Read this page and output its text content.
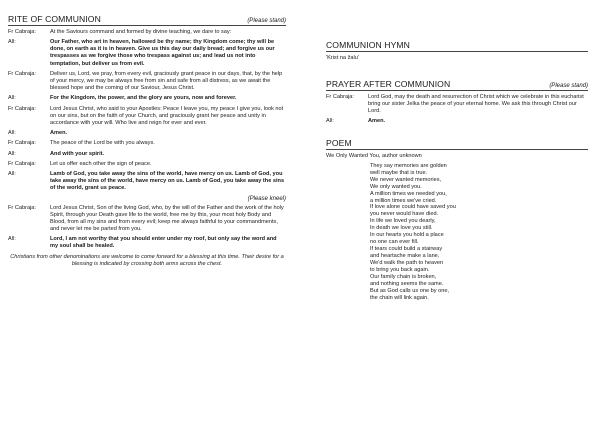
RITE OF COMMUNION	(Please stand)
Fr Cabraja:	At the Saviours command and formed by divine teaching, we dare to say:
All:	Our Father, who art in heaven, hallowed be thy name; thy Kingdom come; thy will be done, on earth as it is in heaven. Give us this day our daily bread; and forgive us our trespasses as we forgive those who trespass against us; and lead us not into temptation, but deliver us from evil.
Fr Cabraja:	Deliver us, Lord, we pray, from every evil, graciously grant peace in our days, that, by the help of your mercy, we may be always free from sin and safe from all distress, as we await the blessed hope and the coming of our Saviour, Jesus Christ.
All:	For the Kingdom, the power, and the glory are yours, now and forever.
Fr Cabraja:	Lord Jesus Christ, who said to your Apostles: Peace I leave you, my peace I give you, look not on our sins, but on the faith of your Church, and graciously grant her peace and unity in accordance with your will. Who live and reign for ever and ever.
All:	Amen.
Fr Cabraja:	The peace of the Lord be with you always.
All:	And with your spirit.
Fr Cabraja:	Let us offer each other the sign of peace.
All:	Lamb of God, you take away the sins of the world, have mercy on us. Lamb of God, you take away the sins of the world, have mercy on us. Lamb of God, you take away the sins of the world, grant us peace.
(Please kneel)
Fr Cabraja:	Lord Jesus Christ, Son of the living God, who, by the will of the Father and the work of the holy Spirit, through your Death gave life to the world, free me by this, your most holy Body and Blood, from all my sins and from every evil; keep me always faithful to your commandments, and never let me be parted from you.
All:	Lord, I am not worthy that you should enter under my roof, but only say the word and my soul shall be healed.
Christians from other denominations are welcome to come forward for a blessing at this time. Their desire for a blessing is indicated by crossing both arms across the chest.
COMMUNION HYMN
'Krist na žalu'
PRAYER AFTER COMMUNION	(Please stand)
Fr Cabraja:	Lord God, may the death and resurrection of Christ which we celebrate in this eucharist bring our sister Jelka the peace of your eternal home. We ask this through Christ our Lord.
All:	Amen.
POEM
We Only Wanted You, author unknown
They say memories are golden
well maybe that is true.
We never wanted memories,
We only wanted you.
A million times we needed you,
a million times we've cried.
If love alone could have saved you
you never would have died.
In life we loved you dearly,
In death we love you still.
In our hearts you hold a place
no one can ever fill.
If tears could build a stairway
and heartache make a lane,
We'd walk the path to heaven
to bring you back again.
Our family chain is broken,
and nothing seems the same.
But as God calls us one by one,
the chain will link again.
